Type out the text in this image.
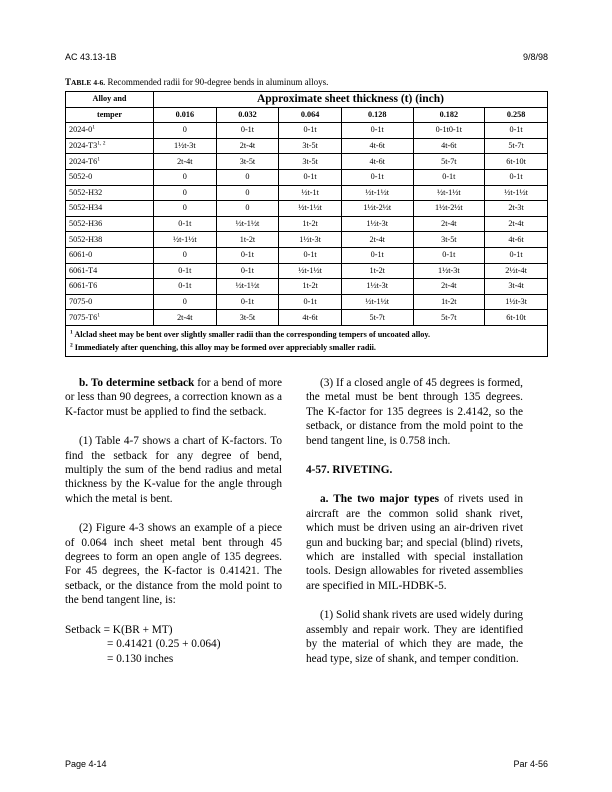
AC 43.13-1B	9/8/98
TABLE 4-6. Recommended radii for 90-degree bends in aluminum alloys.
Alloy and	Approximate sheet thickness (t) (inch)					
temper	0.016	0.032	0.064	0.128	0.182	0.258
$2024-0^1$	0	0-1t	0-1t	0-1t	0-1t0-1t	0-1t
2024-T3$^{1, 2}$	1½t-3t	2t-4t	3t-5t	4t-6t	4t-6t	5t-7t
$2024-T6^1$	2t-4t	3t-5t	3t-5t	4t-6t	5t-7t	6t-10t
5052-0	0	0	0-1t	0-1t	0-1t	0-1t
5052-H32	0	0	½t-1t	½t-1½t	½t-1½t	½t-1½t
5052-H34	0	0	½t-1½t	1½t-2½t	1½t-2½t	2t-3t
5052-H36	0-1t	½t-1½t	1t-2t	1½t-3t	2t-4t	2t-4t
5052-H38	½t-1½t	1t-2t	1½t-3t	2t-4t	3t-5t	4t-6t
6061-0	0	0-1t	0-1t	0-1t	0-1t	0-1t
6061-T4	0-1t	0-1t	½t-1½t	1t-2t	1½t-3t	2½t-4t
6061-T6	0-1t	½t-1½t	1t-2t	1½t-3t	2t-4t	3t-4t
7075-0	0	0-1t	0-1t	½t-1½t	1t-2t	1½t-3t
$7075-T6^1$	2t-4t	3t-5t	4t-6t	5t-7t	5t-7t	6t-10t

$^1$ Alclad sheet may be bent over slightly smaller radii than the corresponding tempers of uncoated alloy.
$^2$ Immediately after quenching, this alloy may be formed over appreciably smaller radii.						

b. To determine setback for a bend of more or less than 90 degrees, a correction known as a K-factor must be applied to find the setback.

(1) Table 4-7 shows a chart of K-factors. To find the setback for any degree of bend, multiply the sum of the bend radius and metal thickness by the K-value for the angle through which the metal is bent.

(2) Figure 4-3 shows an example of a piece of 0.064 inch sheet metal bent through 45 degrees to form an open angle of 135 degrees. For 45 degrees, the K-factor is 0.41421. The setback, or the distance from the mold point to the bend tangent line, is:

Setback = K(BR + MT)
= 0.41421 (0.25 + 0.064)
= 0.130 inches

(3) If a closed angle of 45 degrees is formed, the metal must be bent through 135 degrees. The K-factor for 135 degrees is 2.4142, so the setback, or distance from the mold point to the bend tangent line, is 0.758 inch.

4-57. RIVETING.

a. The two major types of rivets used in aircraft are the common solid shank rivet, which must be driven using an air-driven rivet gun and bucking bar; and special (blind) rivets, which are installed with special installation tools. Design allowables for riveted assemblies are specified in MIL-HDBK-5.

(1) Solid shank rivets are used widely during assembly and repair work. They are identified by the material of which they are made, the head type, size of shank, and temper condition.

Page 4-14	Par 4-56
